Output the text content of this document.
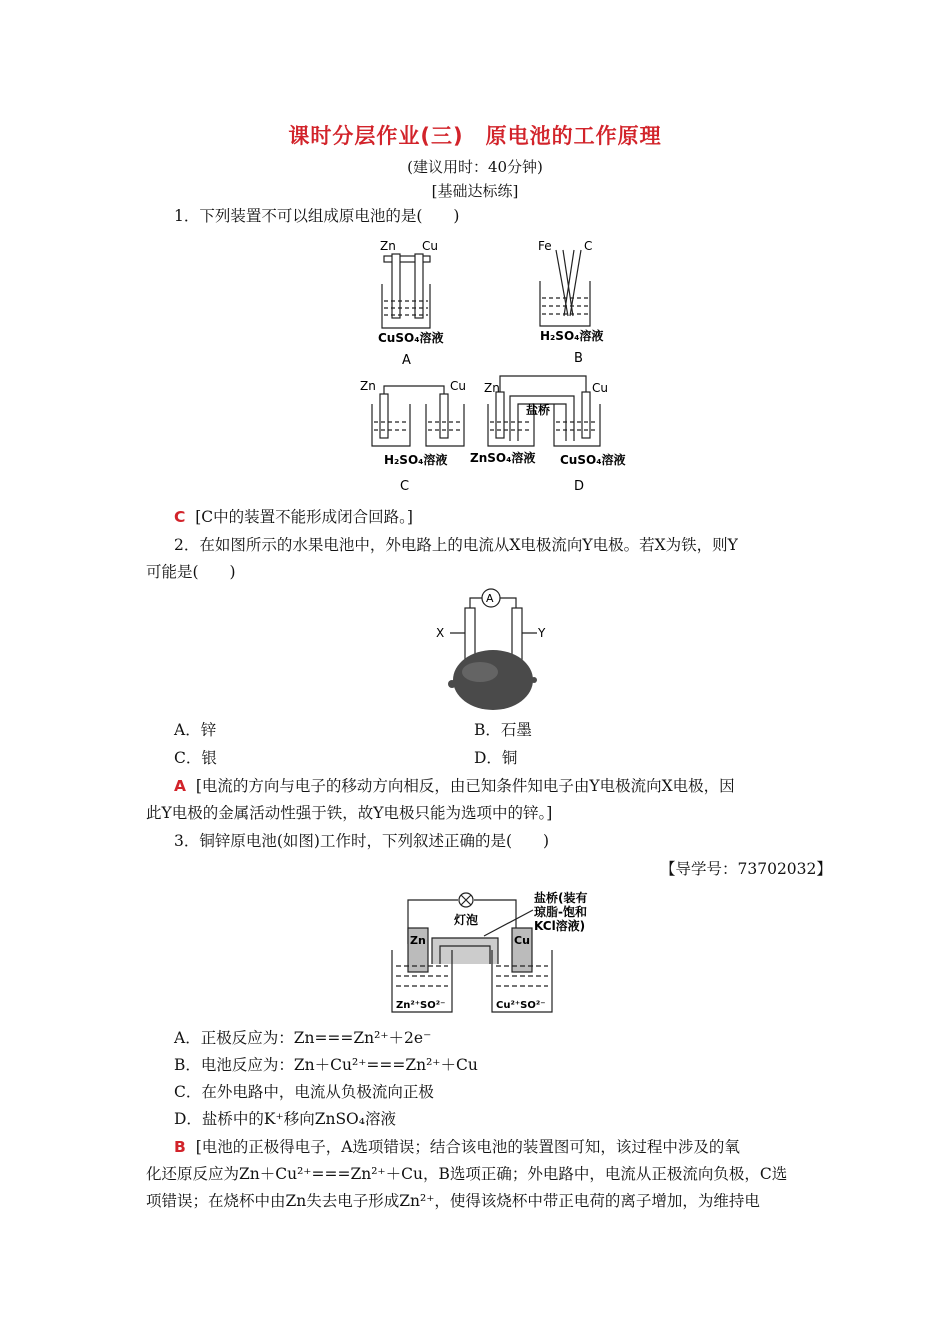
课时分层作业(三)　原电池的工作原理
(建议用时：40分钟)
[基础达标练]
1．下列装置不可以组成原电池的是(　　)
Zn Cu
CuSO₄溶液
A
Fe	C
H₂SO₄溶液
B
Zn	Cu
H₂SO₄溶液
C
Zn	Cu
盐桥
ZnSO₄溶液 CuSO₄溶液
D
C [C中的装置不能形成闭合回路。]
2．在如图所示的水果电池中，外电路上的电流从X电极流向Y电极。若X为铁，则Y
可能是(　　)
A
X	Y
A．锌	B．石墨
C．银	D．铜
A [电流的方向与电子的移动方向相反，由已知条件知电子由Y电极流向X电极，因
此Y电极的金属活动性强于铁，故Y电极只能为选项中的锌。]
3．铜锌原电池(如图)工作时，下列叙述正确的是(　　)
【导学号：73702032】
灯泡
盐桥(装有
琼脂-饱和
KCl溶液)
Zn	Cu
Zn²⁺SO²⁻	Cu²⁺SO²⁻
A．正极反应为：Zn===Zn²⁺＋2e⁻
B．电池反应为：Zn＋Cu²⁺===Zn²⁺＋Cu
C．在外电路中，电流从负极流向正极
D．盐桥中的K⁺移向ZnSO₄溶液
B [电池的正极得电子，A选项错误；结合该电池的装置图可知，该过程中涉及的氧
化还原反应为Zn＋Cu²⁺===Zn²⁺＋Cu，B选项正确；外电路中，电流从正极流向负极，C选
项错误；在烧杯中由Zn失去电子形成Zn²⁺，使得该烧杯中带正电荷的离子增加，为维持电
